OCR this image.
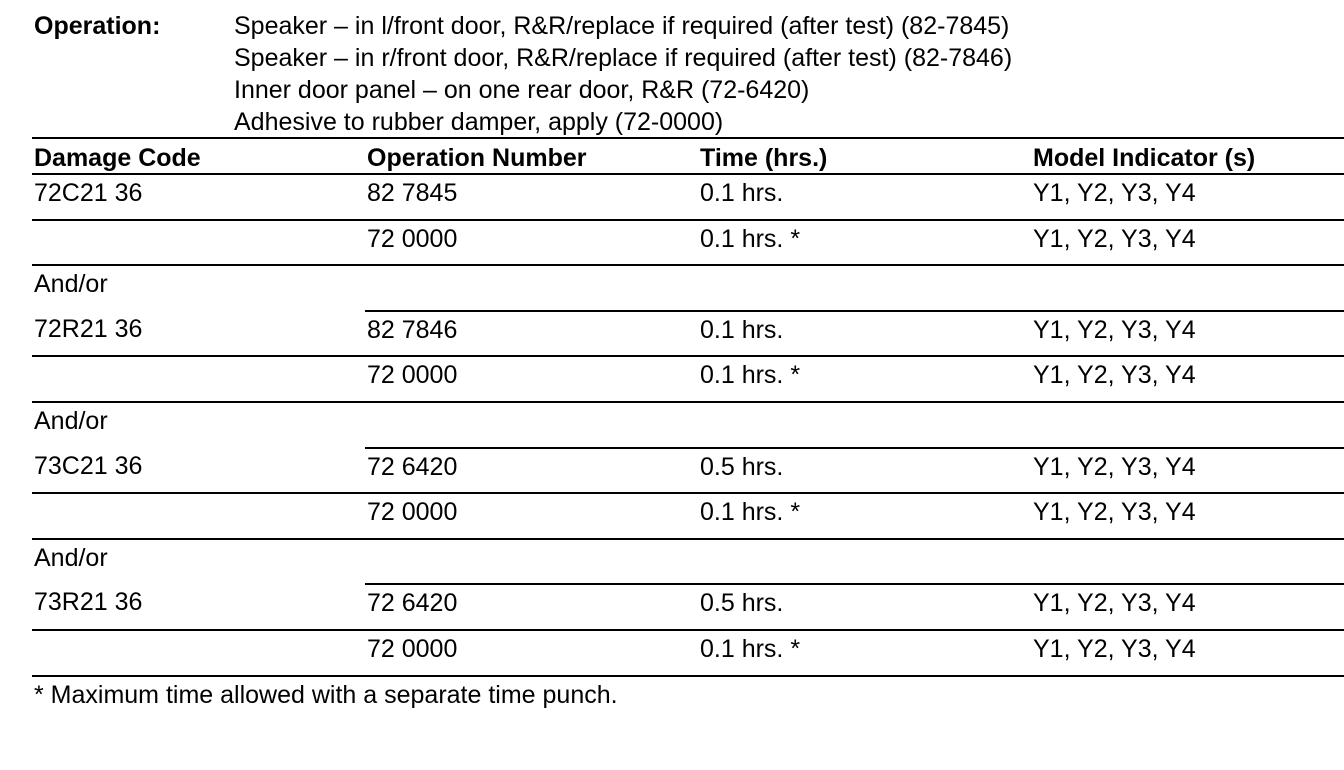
Operation:	Speaker – in l/front door, R&R/replace if required (after test) (82-7845)
Speaker – in r/front door, R&R/replace if required (after test) (82-7846)
Inner door panel – on one rear door, R&R (72-6420)
Adhesive to rubber damper, apply (72-0000)
Damage Code	Operation Number	Time (hrs.)	Model Indicator (s)
72C21 36	82 7845	0.1 hrs.	Y1, Y2, Y3, Y4
	72 0000	0.1 hrs. *	Y1, Y2, Y3, Y4
And/or			
72R21 36	82 7846	0.1 hrs.	Y1, Y2, Y3, Y4
	72 0000	0.1 hrs. *	Y1, Y2, Y3, Y4
And/or			
73C21 36	72 6420	0.5 hrs.	Y1, Y2, Y3, Y4
	72 0000	0.1 hrs. *	Y1, Y2, Y3, Y4
And/or			
73R21 36	72 6420	0.5 hrs.	Y1, Y2, Y3, Y4
	72 0000	0.1 hrs. *	Y1, Y2, Y3, Y4
* Maximum time allowed with a separate time punch.
